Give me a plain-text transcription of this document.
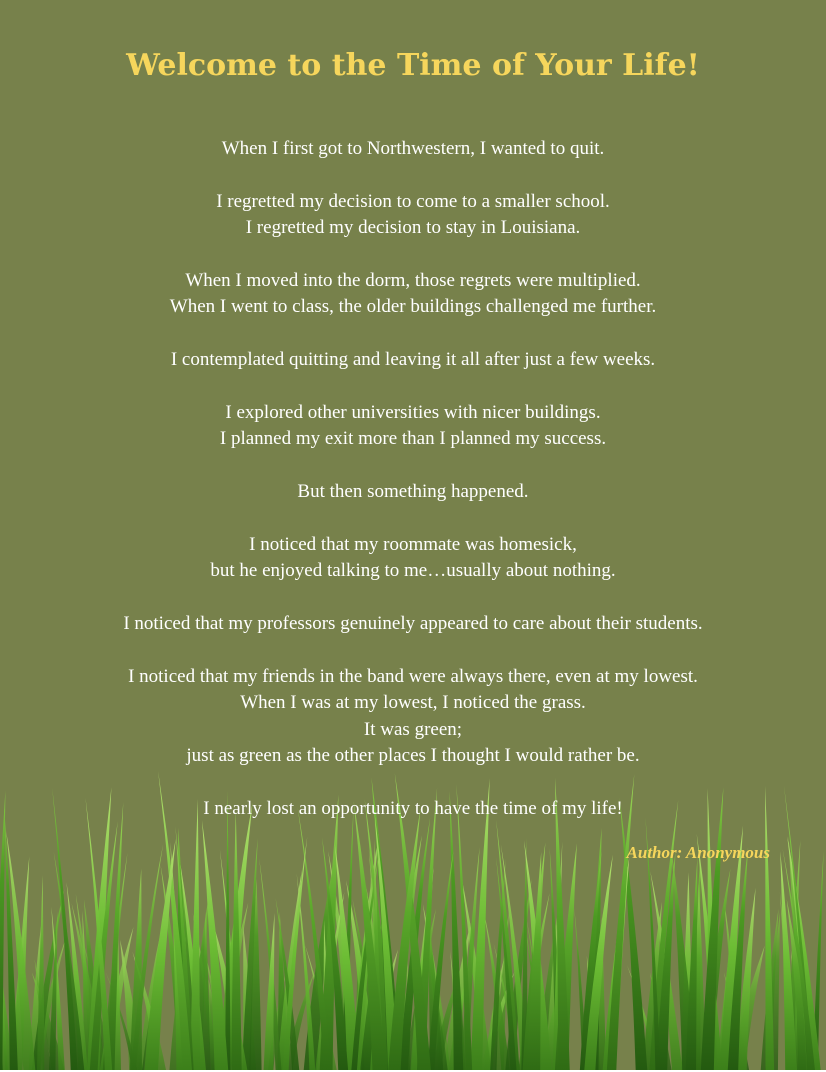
Welcome to the Time of Your Life!
When I first got to Northwestern, I wanted to quit.
I regretted my decision to come to a smaller school.
I regretted my decision to stay in Louisiana.
When I moved into the dorm, those regrets were multiplied.
When I went to class, the older buildings challenged me further.
I contemplated quitting and leaving it all after just a few weeks.
I explored other universities with nicer buildings.
I planned my exit more than I planned my success.
But then something happened.
I noticed that my roommate was homesick,
but he enjoyed talking to me…usually about nothing.
I noticed that my professors genuinely appeared to care about their students.
I noticed that my friends in the band were always there, even at my lowest.
When I was at my lowest, I noticed the grass.
It was green;
just as green as the other places I thought I would rather be.
I nearly lost an opportunity to have the time of my life!
Author: Anonymous
